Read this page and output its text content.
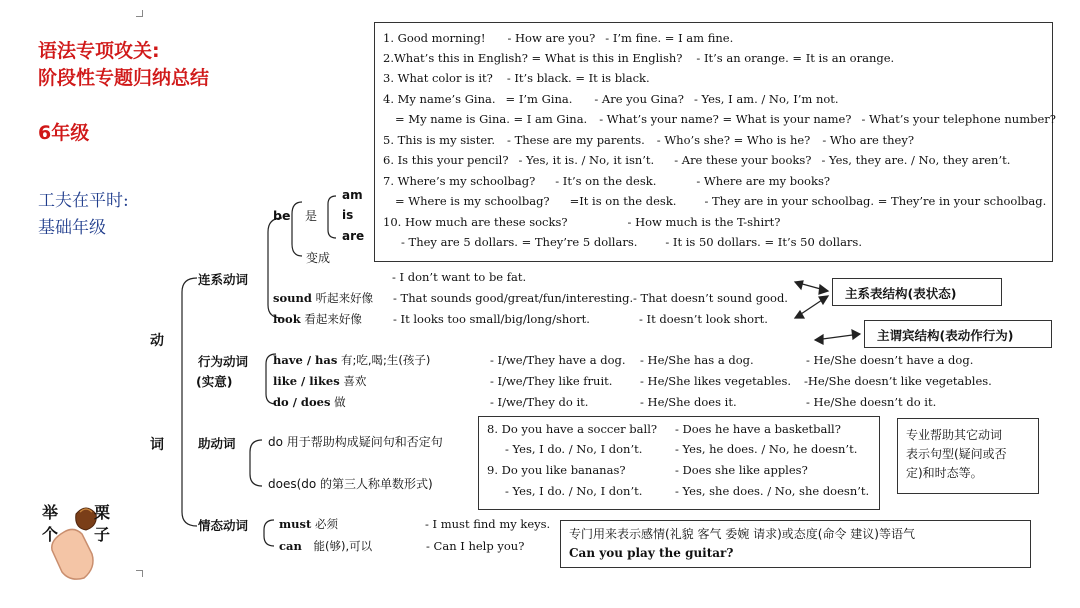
语法专项攻关:
阶段性专题归纳总结
6年级
工夫在平时:
基础年级
1. Good morning! - How are you? - I’m fine. = I am fine.
2.What’s this in English? = What is this in English? - It’s an orange. = It is an orange.
3. What color is it? - It’s black. = It is black.
4. My name’s Gina. = I’m Gina. - Are you Gina? - Yes, I am. / No, I’m not.
= My name is Gina. = I am Gina. - What’s your name? = What is your name? - What’s your telephone number?
5. This is my sister. - These are my parents. - Who’s she? = Who is he? - Who are they?
6. Is this your pencil? - Yes, it is. / No, it isn’t. - Are these your books? - Yes, they are. / No, they aren’t.
7. Where’s my schoolbag? - It’s on the desk.	- Where are my books?
= Where is my schoolbag? =It is on the desk. - They are in your schoolbag. = They’re in your schoolbag.
10. How much are these socks?	- How much is the T-shirt?
- They are 5 dollars. = They’re 5 dollars. - It is 50 dollars. = It’s 50 dollars.
动
词
连系动词
be 是
am
is
are
变成
- I don’t want to be fat.
sound 听起来好像 - That sounds good/great/fun/interesting. - That doesn’t sound good.
look 看起来好像	- It looks too small/big/long/short.	- It doesn’t look short.
主系表结构(表状态)
主谓宾结构(表动作行为)
行为动词
(实意)
have / has 有;吃,喝;生(孩子)	- I/we/They have a dog. - He/She has a dog.	- He/She doesn’t have a dog.
like / likes 喜欢	- I/we/They like fruit. - He/She likes vegetables. -He/She doesn’t like vegetables.
do / does 做	- I/we/They do it.	- He/She does it.	- He/She doesn’t do it.
助动词	do 用于帮助构成疑问句和否定句
does(do 的第三人称单数形式)
8. Do you have a soccer ball? - Does he have a basketball?
- Yes, I do. / No, I don’t.	- Yes, he does. / No, he doesn’t.
9. Do you like bananas?	- Does she like apples?
- Yes, I do. / No, I don’t.	- Yes, she does. / No, she doesn’t.
专业帮助其它动词
表示句型(疑问或否
定)和时态等。
情态动词	must 必须	- I must find my keys.
can 能(够),可以	- Can I help you?
专门用来表示感情(礼貌 客气 委婉 请求)或态度(命令 建议)等语气
Can you play the guitar?
举 栗
个 子
